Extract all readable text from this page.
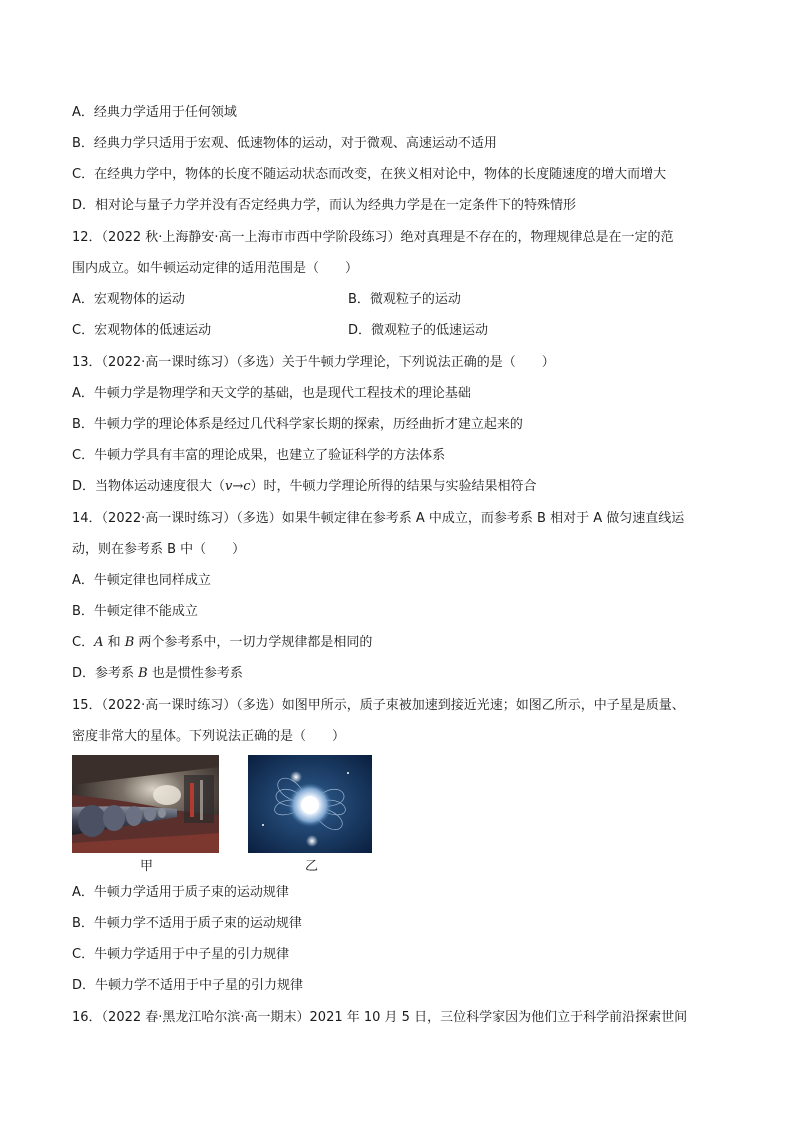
A．经典力学适用于任何领域
B．经典力学只适用于宏观、低速物体的运动，对于微观、高速运动不适用
C．在经典力学中，物体的长度不随运动状态而改变，在狭义相对论中，物体的长度随速度的增大而增大
D．相对论与量子力学并没有否定经典力学，而认为经典力学是在一定条件下的特殊情形
12．（2022 秋·上海静安·高一上海市市西中学阶段练习）绝对真理是不存在的，物理规律总是在一定的范
围内成立。如牛顿运动定律的适用范围是（　　）
A．宏观物体的运动	B．微观粒子的运动
C．宏观物体的低速运动	D．微观粒子的低速运动
13．（2022·高一课时练习）（多选）关于牛顿力学理论，下列说法正确的是（　　）
A．牛顿力学是物理学和天文学的基础，也是现代工程技术的理论基础
B．牛顿力学的理论体系是经过几代科学家长期的探索，历经曲折才建立起来的
C．牛顿力学具有丰富的理论成果，也建立了验证科学的方法体系
D．当物体运动速度很大（v→c）时，牛顿力学理论所得的结果与实验结果相符合
14．（2022·高一课时练习）（多选）如果牛顿定律在参考系 A 中成立，而参考系 B 相对于 A 做匀速直线运
动，则在参考系 B 中（　　）
A．牛顿定律也同样成立
B．牛顿定律不能成立
C．A 和 B 两个参考系中，一切力学规律都是相同的
D．参考系 B 也是惯性参考系
15．（2022·高一课时练习）（多选）如图甲所示，质子束被加速到接近光速；如图乙所示，中子星是质量、
密度非常大的星体。下列说法正确的是（　　）
甲	乙
A．牛顿力学适用于质子束的运动规律
B．牛顿力学不适用于质子束的运动规律
C．牛顿力学适用于中子星的引力规律
D．牛顿力学不适用于中子星的引力规律
16．（2022 春·黑龙江哈尔滨·高一期末）2021 年 10 月 5 日，三位科学家因为他们立于科学前沿探索世间
